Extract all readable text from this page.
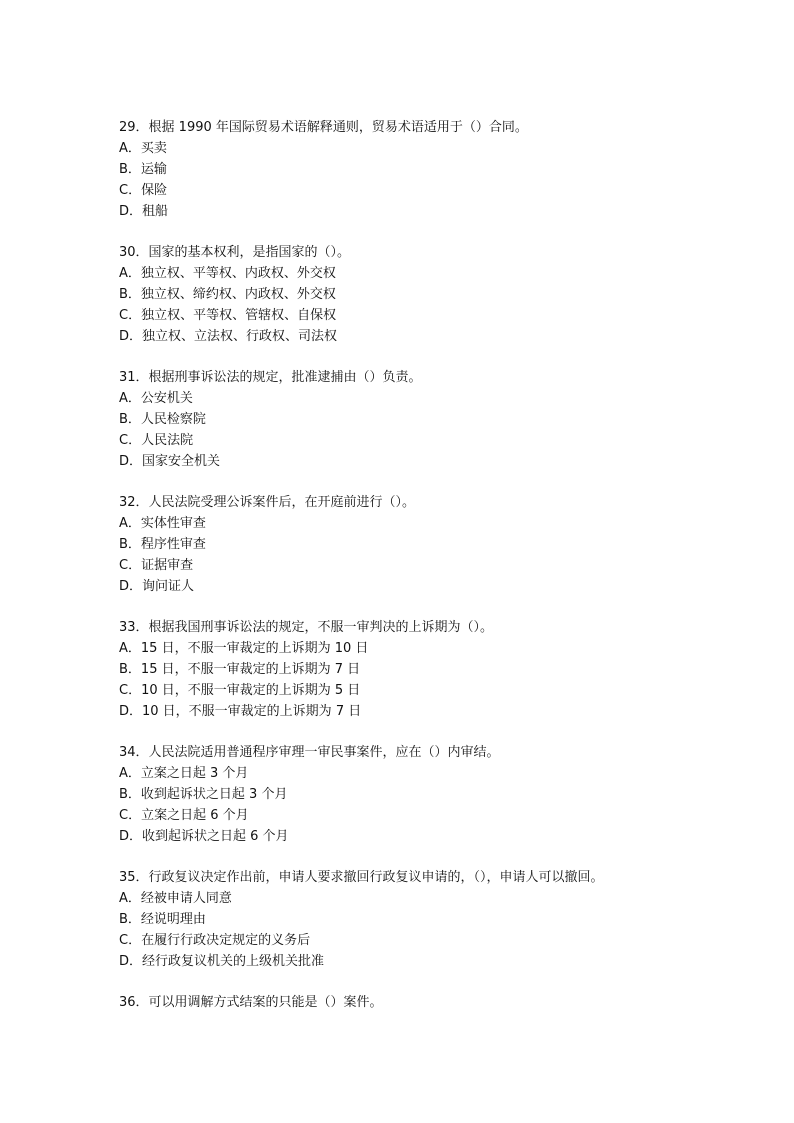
29．根据 1990 年国际贸易术语解释通则，贸易术语适用于（）合同。
A．买卖
B．运输
C．保险
D．租船
30．国家的基本权利，是指国家的（）。
A．独立权、平等权、内政权、外交权
B．独立权、缔约权、内政权、外交权
C．独立权、平等权、管辖权、自保权
D．独立权、立法权、行政权、司法权
31．根据刑事诉讼法的规定，批准逮捕由（）负责。
A．公安机关
B．人民检察院
C．人民法院
D．国家安全机关
32．人民法院受理公诉案件后，在开庭前进行（）。
A．实体性审查
B．程序性审查
C．证据审查
D．询问证人
33．根据我国刑事诉讼法的规定，不服一审判决的上诉期为（）。
A．15 日，不服一审裁定的上诉期为 10 日
B．15 日，不服一审裁定的上诉期为 7 日
C．10 日，不服一审裁定的上诉期为 5 日
D．10 日，不服一审裁定的上诉期为 7 日
34．人民法院适用普通程序审理一审民事案件，应在（）内审结。
A．立案之日起 3 个月
B．收到起诉状之日起 3 个月
C．立案之日起 6 个月
D．收到起诉状之日起 6 个月
35．行政复议决定作出前，申请人要求撤回行政复议申请的，（），申请人可以撤回。
A．经被申请人同意
B．经说明理由
C．在履行行政决定规定的义务后
D．经行政复议机关的上级机关批准
36．可以用调解方式结案的只能是（）案件。
